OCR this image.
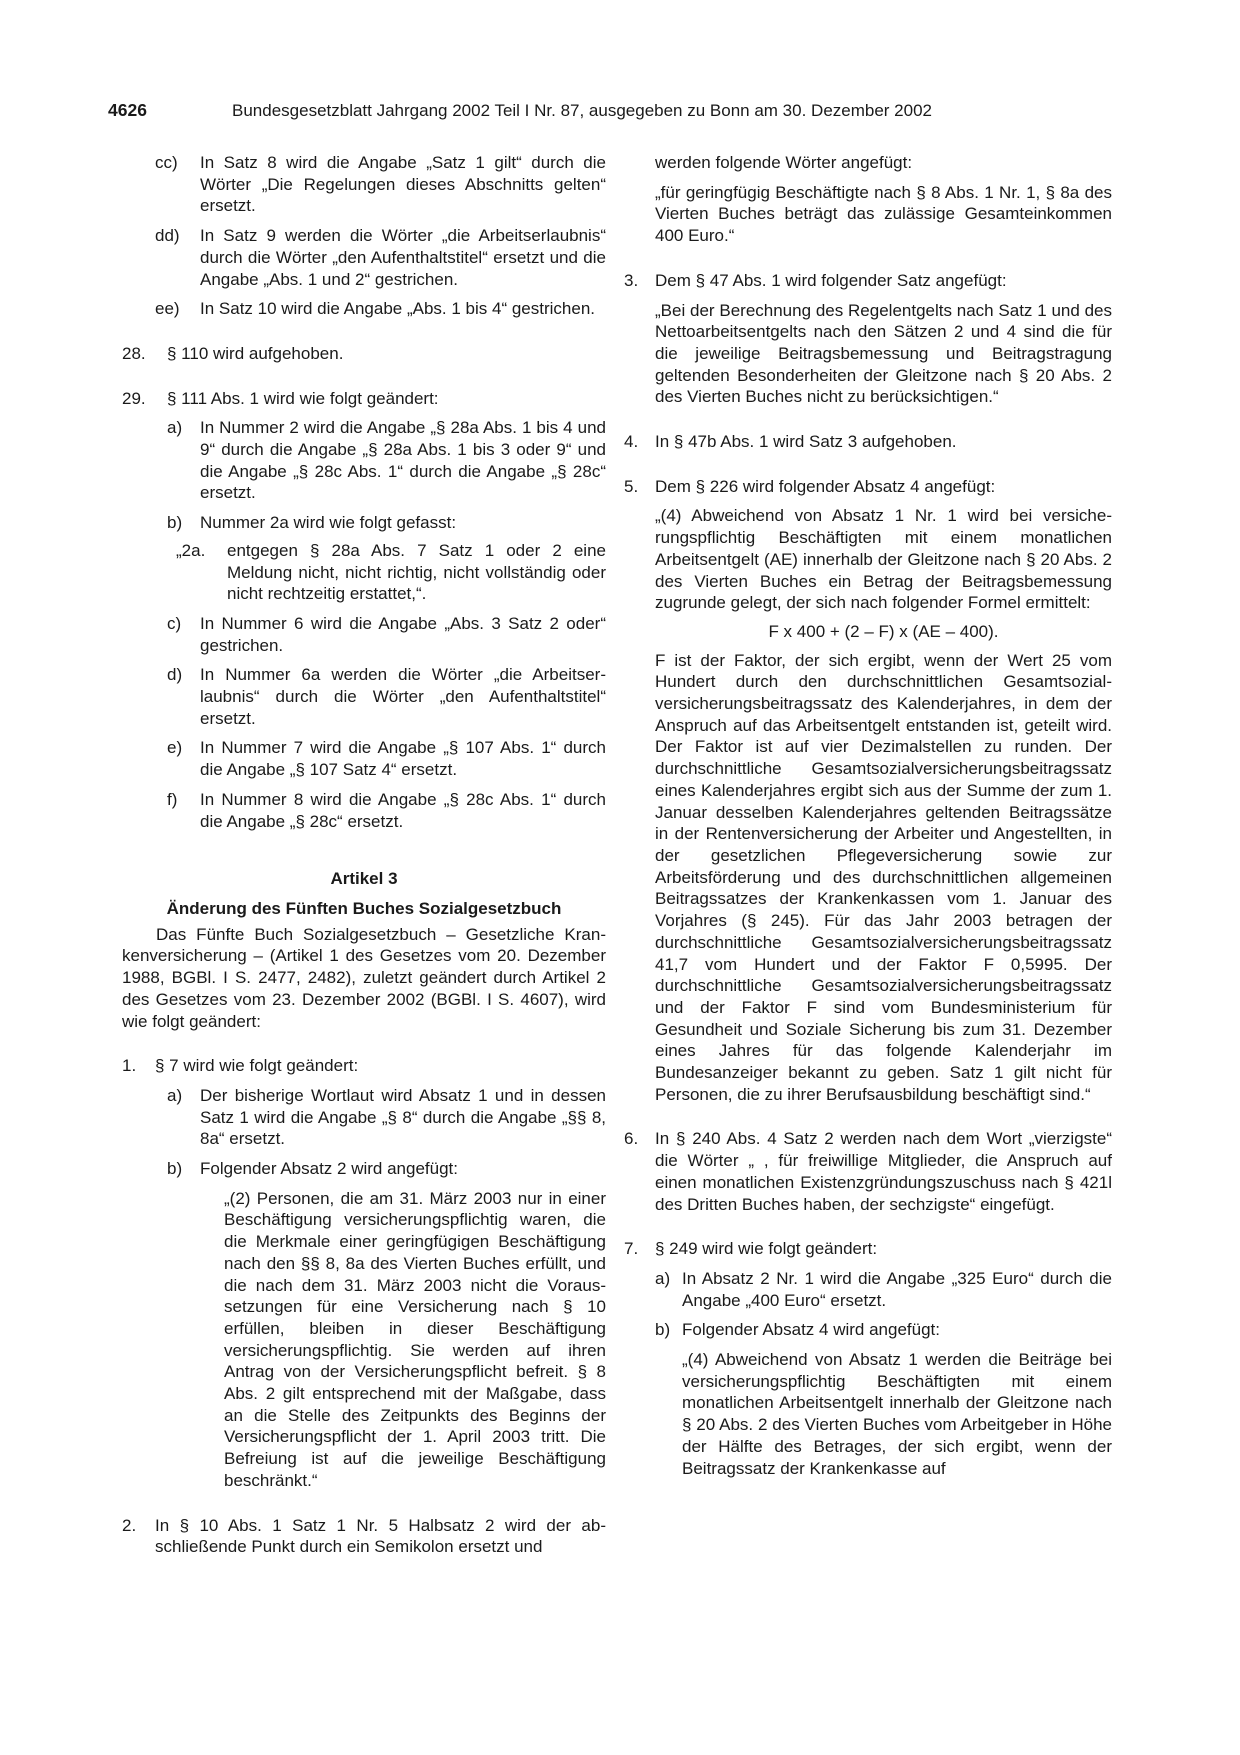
4626	Bundesgesetzblatt Jahrgang 2002 Teil I Nr. 87, ausgegeben zu Bonn am 30. Dezember 2002
cc) In Satz 8 wird die Angabe „Satz 1 gilt“ durch die Wörter „Die Regelungen dieses Abschnitts gelten“ ersetzt.
dd) In Satz 9 werden die Wörter „die Arbeitserlaubnis“ durch die Wörter „den Aufenthaltstitel“ ersetzt und die Angabe „Abs. 1 und 2“ gestrichen.
ee) In Satz 10 wird die Angabe „Abs. 1 bis 4“ gestrichen.
28. § 110 wird aufgehoben.
29. § 111 Abs. 1 wird wie folgt geändert:
a) In Nummer 2 wird die Angabe „§ 28a Abs. 1 bis 4 und 9“ durch die Angabe „§ 28a Abs. 1 bis 3 oder 9“ und die Angabe „§ 28c Abs. 1“ durch die Angabe „§ 28c“ ersetzt.
b) Nummer 2a wird wie folgt gefasst:
„2a. entgegen § 28a Abs. 7 Satz 1 oder 2 eine Meldung nicht, nicht richtig, nicht vollständig oder nicht rechtzeitig erstattet,“.
c) In Nummer 6 wird die Angabe „Abs. 3 Satz 2 oder“ gestrichen.
d) In Nummer 6a werden die Wörter „die Arbeitserlaubnis“ durch die Wörter „den Aufenthaltstitel“ ersetzt.
e) In Nummer 7 wird die Angabe „§ 107 Abs. 1“ durch die Angabe „§ 107 Satz 4“ ersetzt.
f) In Nummer 8 wird die Angabe „§ 28c Abs. 1“ durch die Angabe „§ 28c“ ersetzt.
Artikel 3
Änderung des Fünften Buches Sozialgesetzbuch
Das Fünfte Buch Sozialgesetzbuch – Gesetzliche Krankenversicherung – (Artikel 1 des Gesetzes vom 20. Dezember 1988, BGBl. I S. 2477, 2482), zuletzt geändert durch Artikel 2 des Gesetzes vom 23. Dezember 2002 (BGBl. I S. 4607), wird wie folgt geändert:
1. § 7 wird wie folgt geändert:
a) Der bisherige Wortlaut wird Absatz 1 und in dessen Satz 1 wird die Angabe „§ 8“ durch die Angabe „§§ 8, 8a“ ersetzt.
b) Folgender Absatz 2 wird angefügt:
„(2) Personen, die am 31. März 2003 nur in einer Beschäftigung versicherungspflichtig waren, die die Merkmale einer geringfügigen Beschäftigung nach den §§ 8, 8a des Vierten Buches erfüllt, und die nach dem 31. März 2003 nicht die Voraussetzungen für eine Versicherung nach § 10 erfüllen, bleiben in dieser Beschäftigung versicherungspflichtig. Sie werden auf ihren Antrag von der Versicherungspflicht befreit. § 8 Abs. 2 gilt entsprechend mit der Maßgabe, dass an die Stelle des Zeitpunkts des Beginns der Versicherungspflicht der 1. April 2003 tritt. Die Befreiung ist auf die jeweilige Beschäftigung beschränkt.“
2. In § 10 Abs. 1 Satz 1 Nr. 5 Halbsatz 2 wird der abschließende Punkt durch ein Semikolon ersetzt und
werden folgende Wörter angefügt:
„für geringfügig Beschäftigte nach § 8 Abs. 1 Nr. 1, § 8a des Vierten Buches beträgt das zulässige Gesamteinkommen 400 Euro.“
3. Dem § 47 Abs. 1 wird folgender Satz angefügt:
„Bei der Berechnung des Regelentgelts nach Satz 1 und des Nettoarbeitsentgelts nach den Sätzen 2 und 4 sind die für die jeweilige Beitragsbemessung und Beitragstragung geltenden Besonderheiten der Gleitzone nach § 20 Abs. 2 des Vierten Buches nicht zu berücksichtigen.“
4. In § 47b Abs. 1 wird Satz 3 aufgehoben.
5. Dem § 226 wird folgender Absatz 4 angefügt:
„(4) Abweichend von Absatz 1 Nr. 1 wird bei versicherungspflichtig Beschäftigten mit einem monatlichen Arbeitsentgelt (AE) innerhalb der Gleitzone nach § 20 Abs. 2 des Vierten Buches ein Betrag der Beitragsbemessung zugrunde gelegt, der sich nach folgender Formel ermittelt:
F x 400 + (2 – F) x (AE – 400).
F ist der Faktor, der sich ergibt, wenn der Wert 25 vom Hundert durch den durchschnittlichen Gesamtsozialversicherungsbeitragssatz des Kalenderjahres, in dem der Anspruch auf das Arbeitsentgelt entstanden ist, geteilt wird. Der Faktor ist auf vier Dezimalstellen zu runden. Der durchschnittliche Gesamtsozialversicherungsbeitragssatz eines Kalenderjahres ergibt sich aus der Summe der zum 1. Januar desselben Kalenderjahres geltenden Beitragssätze in der Rentenversicherung der Arbeiter und Angestellten, in der gesetzlichen Pflegeversicherung sowie zur Arbeitsförderung und des durchschnittlichen allgemeinen Beitragssatzes der Krankenkassen vom 1. Januar des Vorjahres (§ 245). Für das Jahr 2003 betragen der durchschnittliche Gesamtsozialversicherungsbeitragssatz 41,7 vom Hundert und der Faktor F 0,5995. Der durchschnittliche Gesamtsozialversicherungsbeitragssatz und der Faktor F sind vom Bundesministerium für Gesundheit und Soziale Sicherung bis zum 31. Dezember eines Jahres für das folgende Kalenderjahr im Bundesanzeiger bekannt zu geben. Satz 1 gilt nicht für Personen, die zu ihrer Berufsausbildung beschäftigt sind.“
6. In § 240 Abs. 4 Satz 2 werden nach dem Wort „vierzigste“ die Wörter „ , für freiwillige Mitglieder, die Anspruch auf einen monatlichen Existenzgründungszuschuss nach § 421l des Dritten Buches haben, der sechzigste“ eingefügt.
7. § 249 wird wie folgt geändert:
a) In Absatz 2 Nr. 1 wird die Angabe „325 Euro“ durch die Angabe „400 Euro“ ersetzt.
b) Folgender Absatz 4 wird angefügt:
„(4) Abweichend von Absatz 1 werden die Beiträge bei versicherungspflichtig Beschäftigten mit einem monatlichen Arbeitsentgelt innerhalb der Gleitzone nach § 20 Abs. 2 des Vierten Buches vom Arbeitgeber in Höhe der Hälfte des Betrages, der sich ergibt, wenn der Beitragssatz der Krankenkasse auf
